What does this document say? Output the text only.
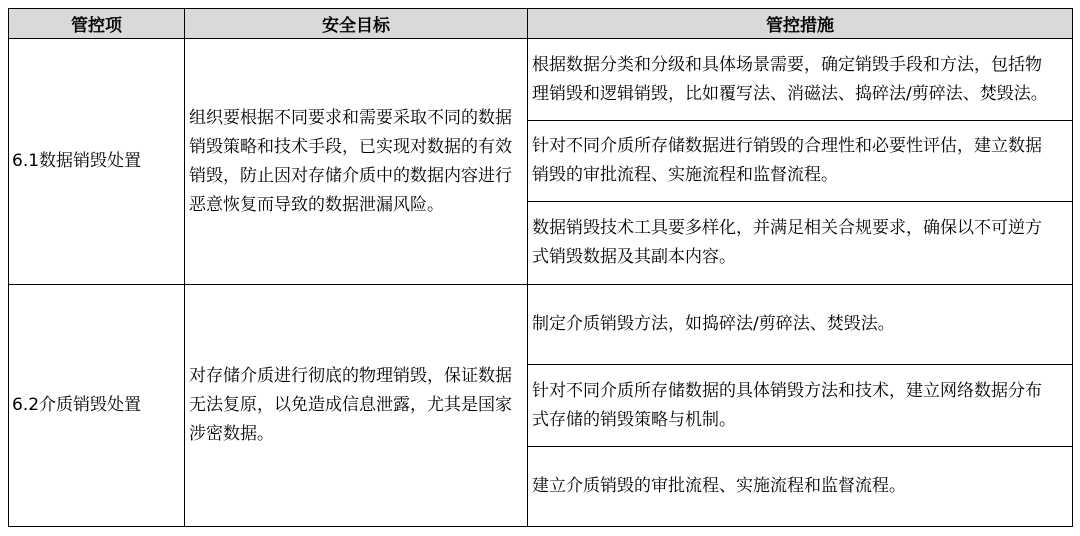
管控项	安全目标	管控措施
6.1数据销毁处置	组织要根据不同要求和需要采取不同的数据销毁策略和技术手段，已实现对数据的有效销毁，防止因对存储介质中的数据内容进行恶意恢复而导致的数据泄漏风险。	根据数据分类和分级和具体场景需要，确定销毁手段和方法，包括物理销毁和逻辑销毁，比如覆写法、消磁法、捣碎法/剪碎法、焚毁法。
		针对不同介质所存储数据进行销毁的合理性和必要性评估，建立数据销毁的审批流程、实施流程和监督流程。
		数据销毁技术工具要多样化，并满足相关合规要求，确保以不可逆方式销毁数据及其副本内容。
6.2介质销毁处置	对存储介质进行彻底的物理销毁，保证数据无法复原，以免造成信息泄露，尤其是国家涉密数据。	制定介质销毁方法，如捣碎法/剪碎法、焚毁法。
		针对不同介质所存储数据的具体销毁方法和技术，建立网络数据分布式存储的销毁策略与机制。
		建立介质销毁的审批流程、实施流程和监督流程。
